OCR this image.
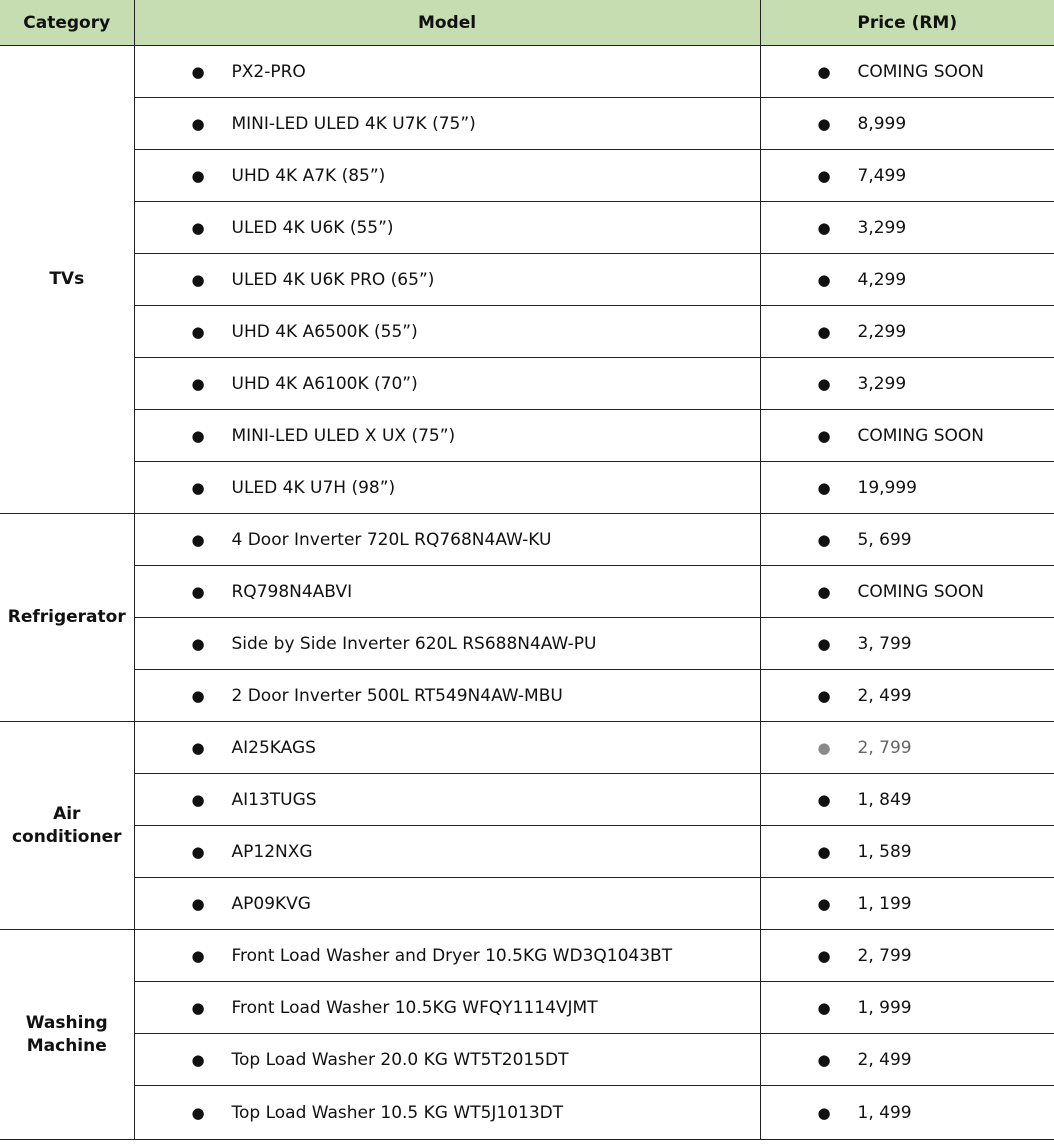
Category	Model	Price (RM)
TVs	● PX2-PRO	● COMING SOON
	● MINI-LED ULED 4K U7K (75”)	● 8,999
	● UHD 4K A7K (85”)	● 7,499
	● ULED 4K U6K (55”)	● 3,299
	● ULED 4K U6K PRO (65”)	● 4,299
	● UHD 4K A6500K (55”)	● 2,299
	● UHD 4K A6100K (70”)	● 3,299
	● MINI-LED ULED X UX (75”)	● COMING SOON
	● ULED 4K U7H (98”)	● 19,999
Refrigerator	● 4 Door Inverter 720L RQ768N4AW-KU	● 5, 699
	● RQ798N4ABVI	● COMING SOON
	● Side by Side Inverter 620L RS688N4AW-PU	● 3, 799
	● 2 Door Inverter 500L RT549N4AW-MBU	● 2, 499
Air conditioner	● AI25KAGS	● 2, 799
	● AI13TUGS	● 1, 849
	● AP12NXG	● 1, 589
	● AP09KVG	● 1, 199
Washing Machine	● Front Load Washer and Dryer 10.5KG WD3Q1043BT	● 2, 799
	● Front Load Washer 10.5KG WFQY1114VJMT	● 1, 999
	● Top Load Washer 20.0 KG WT5T2015DT	● 2, 499
	● Top Load Washer 10.5 KG WT5J1013DT	● 1, 499
